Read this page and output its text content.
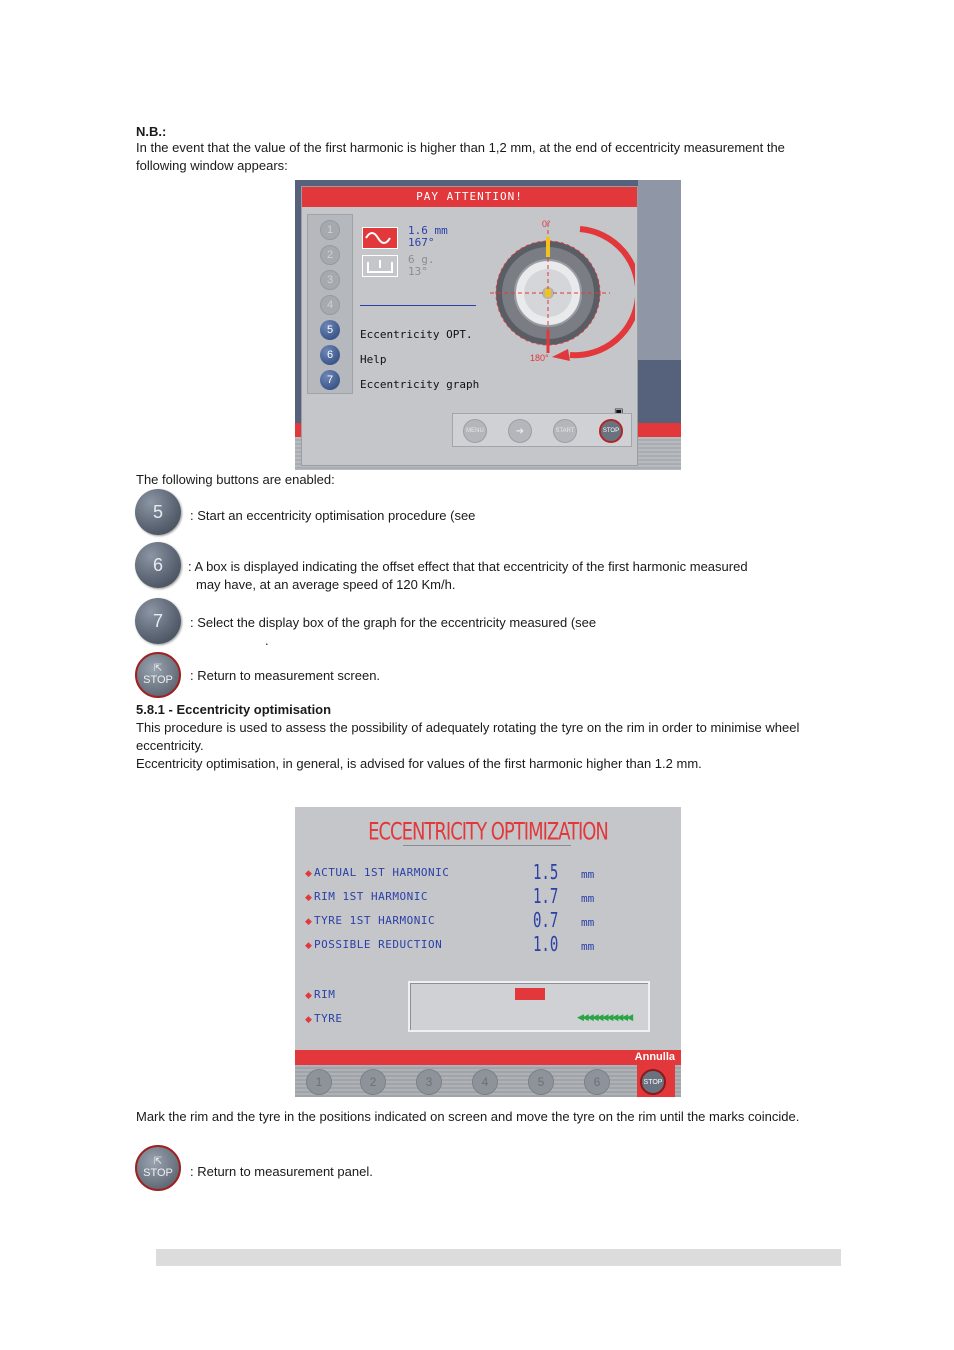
N.B.:
In the event that the value of the first harmonic is higher than 1,2 mm, at the end of eccentricity measurement the
following window appears:
PAY ATTENTION!
1
2
3
4
5
6
7
1.6 mm
167°
6 g.
13°
Eccentricity OPT.
Help
Eccentricity graph
0°
180°
MENU	➜	START	STOP
The following buttons are enabled:
5	: Start an eccentricity optimisation procedure (see
6	: A box is displayed indicating the offset effect that that eccentricity of the first harmonic measured
may have, at an average speed of 120 Km/h.
7	: Select the display box of the graph for the eccentricity measured (see
.
⇱
STOP : Return to measurement screen.
5.8.1 - Eccentricity optimisation
This procedure is used to assess the possibility of adequately rotating the tyre on the rim in order to minimise wheel
eccentricity.
Eccentricity optimisation, in general, is advised for values of the first harmonic higher than 1.2 mm.
ECCENTRICITY OPTIMIZATION
◆ ACTUAL 1ST HARMONIC	1.5 mm
◆ RIM 1ST HARMONIC	1.7 mm
◆ TYRE 1ST HARMONIC	0.7 mm
◆ POSSIBLE REDUCTION	1.0 mm
◆ RIM
◆ TYRE	◀◀◀◀◀◀◀◀◀◀◀
Annulla
1	2	3	4	5	6	STOP
Mark the rim and the tyre in the positions indicated on screen and move the tyre on the rim until the marks coincide.
⇱
STOP : Return to measurement panel.
